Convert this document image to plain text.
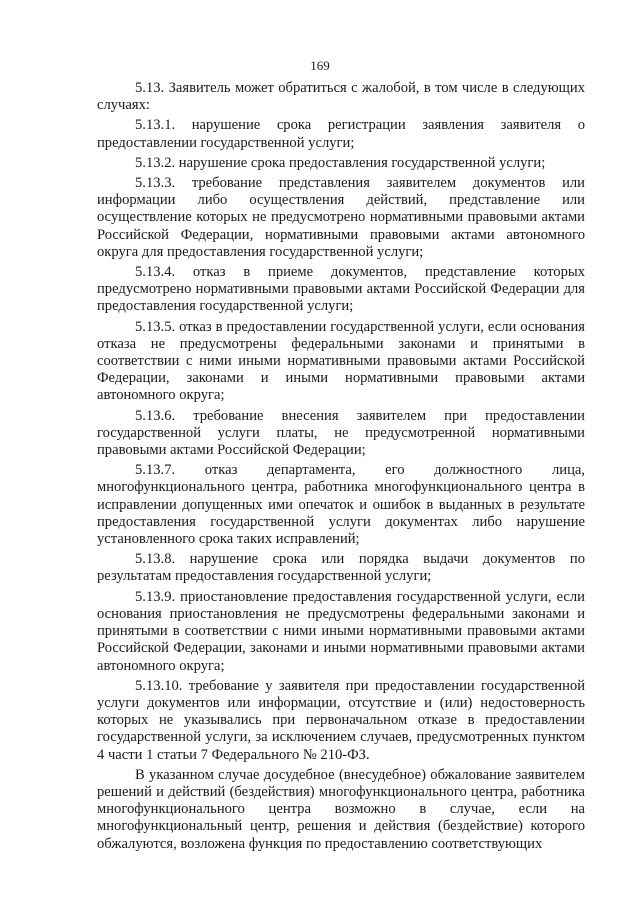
169

5.13. Заявитель может обратиться с жалобой, в том числе в следующих случаях:

5.13.1. нарушение срока регистрации заявления заявителя о предоставлении государственной услуги;

5.13.2. нарушение срока предоставления государственной услуги;

5.13.3. требование представления заявителем документов или информации либо осуществления действий, представление или осуществление которых не предусмотрено нормативными правовыми актами Российской Федерации, нормативными правовыми актами автономного округа для предоставления государственной услуги;

5.13.4. отказ в приеме документов, представление которых предусмотрено нормативными правовыми актами Российской Федерации для предоставления государственной услуги;

5.13.5. отказ в предоставлении государственной услуги, если основания отказа не предусмотрены федеральными законами и принятыми в соответствии с ними иными нормативными правовыми актами Российской Федерации, законами и иными нормативными правовыми актами автономного округа;

5.13.6. требование внесения заявителем при предоставлении государственной услуги платы, не предусмотренной нормативными правовыми актами Российской Федерации;

5.13.7. отказ департамента, его должностного лица, многофункционального центра, работника многофункционального центра в исправлении допущенных ими опечаток и ошибок в выданных в результате предоставления государственной услуги документах либо нарушение установленного срока таких исправлений;

5.13.8. нарушение срока или порядка выдачи документов по результатам предоставления государственной услуги;

5.13.9. приостановление предоставления государственной услуги, если основания приостановления не предусмотрены федеральными законами и принятыми в соответствии с ними иными нормативными правовыми актами Российской Федерации, законами и иными нормативными правовыми актами автономного округа;

5.13.10. требование у заявителя при предоставлении государственной услуги документов или информации, отсутствие и (или) недостоверность которых не указывались при первоначальном отказе в предоставлении государственной услуги, за исключением случаев, предусмотренных пунктом 4 части 1 статьи 7 Федерального № 210-ФЗ.

В указанном случае досудебное (внесудебное) обжалование заявителем решений и действий (бездействия) многофункционального центра, работника многофункционального центра возможно в случае, если на многофункциональный центр, решения и действия (бездействие) которого обжалуются, возложена функция по предоставлению соответствующих
